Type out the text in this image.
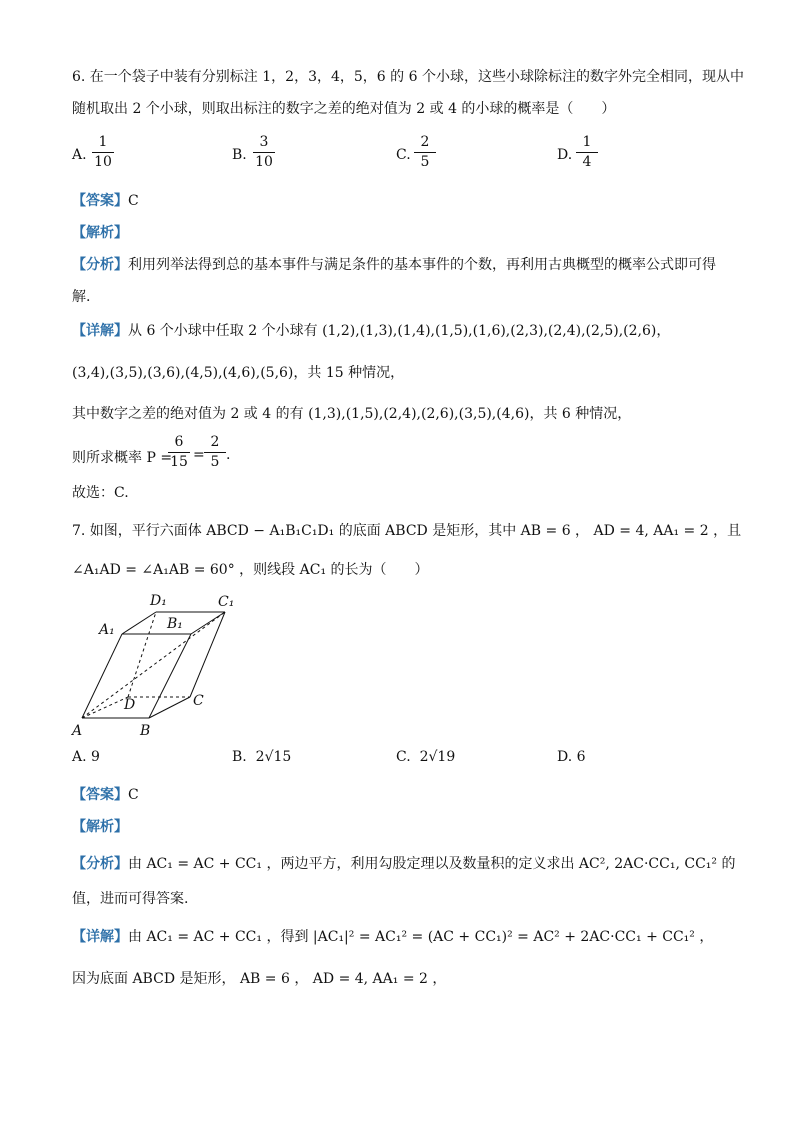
6. 在一个袋子中装有分别标注 1，2，3，4，5，6 的 6 个小球，这些小球除标注的数字外完全相同，现从中
随机取出 2 个小球，则取出标注的数字之差的绝对值为 2 或 4 的小球的概率是（　　）
A.
1
10	B.
3
10	C.
2
5	D.
1
4
【答案】C
【解析】
【分析】利用列举法得到总的基本事件与满足条件的基本事件的个数，再利用古典概型的概率公式即可得
解.
【详解】从 6 个小球中任取 2 个小球有 (1,2),(1,3),(1,4),(1,5),(1,6),(2,3),(2,4),(2,5),(2,6)，
(3,4),(3,5),(3,6),(4,5),(4,6),(5,6)，共 15 种情况，
其中数字之差的绝对值为 2 或 4 的有 (1,3),(1,5),(2,4),(2,6),(3,5),(4,6)，共 6 种情况，
则所求概率 P =
6
15 =
2
5 .
故选：C.
7. 如图，平行六面体 ABCD − A₁B₁C₁D₁ 的底面 ABCD 是矩形，其中 AB = 6 ， AD = 4, AA₁ = 2 ，且
∠A₁AD = ∠A₁AB = 60° ，则线段 AC₁ 的长为（　　）
A	B
C
D
A₁	B₁
C₁
D₁
A. 9	B. 2√15	C. 2√19	D. 6
【答案】C
【解析】
【分析】由 AC₁ = AC + CC₁ ，两边平方，利用勾股定理以及数量积的定义求出 AC², 2AC·CC₁, CC₁² 的
值，进而可得答案.
【详解】由 AC₁ = AC + CC₁ ，得到 |AC₁|² = AC₁² = (AC + CC₁)² = AC² + 2AC·CC₁ + CC₁² ，
因为底面 ABCD 是矩形， AB = 6 ， AD = 4, AA₁ = 2 ，
